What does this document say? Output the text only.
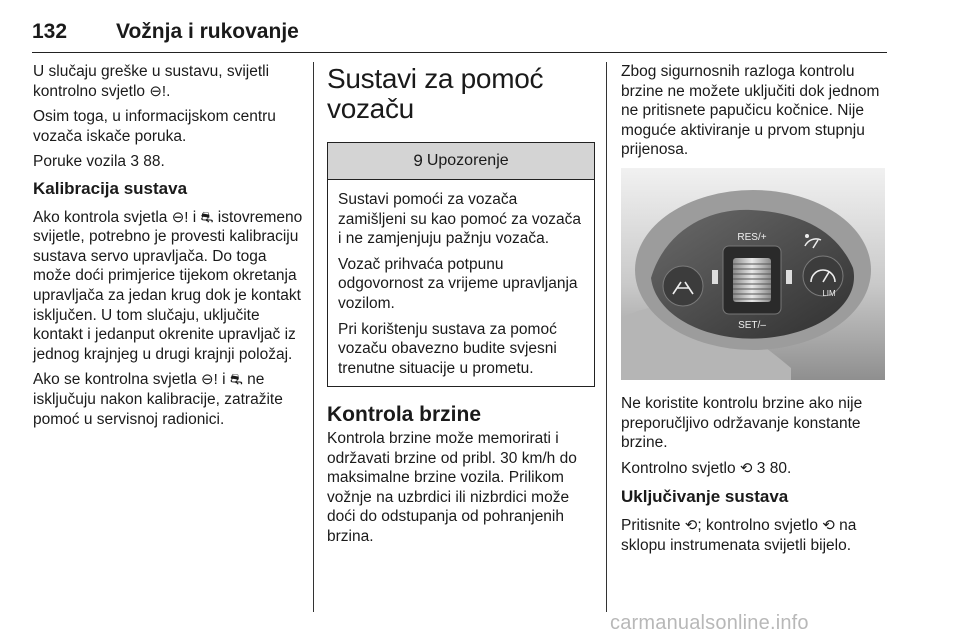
132 Vožnja i rukovanje

U slučaju greške u sustavu, svijetli kontrolno svjetlo ⊖!.

Osim toga, u informacijskom centru vozača iskače poruka.

Poruke vozila 3 88.

Kalibracija sustava

Ako kontrola svjetla ⊖! i ⛐ istovremeno svijetle, potrebno je provesti kalibraciju sustava servo upravljača. Do toga može doći primjerice tijekom okretanja upravljača za jedan krug dok je kontakt isključen. U tom slučaju, uključite kontakt i jedanput okrenite upravljač iz jednog krajnjeg u drugi krajnji položaj.

Ako se kontrolna svjetla ⊖! i ⛐ ne isključuju nakon kalibracije, zatražite pomoć u servisnoj radionici.

Sustavi za pomoć vozaču
9 Upozorenje

Sustavi pomoći za vozača zamišljeni su kao pomoć za vozača i ne zamjenjuju pažnju vozača.

Vozač prihvaća potpunu odgovornost za vrijeme upravljanja vozilom.

Pri korištenju sustava za pomoć vozaču obavezno budite svjesni trenutne situacije u prometu.

Kontrola brzine

Kontrola brzine može memorirati i održavati brzine od pribl. 30 km/h do maksimalne brzine vozila. Prilikom vožnje na uzbrdici ili nizbrdici može doći do odstupanja od pohranjenih brzina.

Zbog sigurnosnih razloga kontrolu brzine ne možete uključiti dok jednom ne pritisnete papučicu kočnice. Nije moguće aktiviranje u prvom stupnju prijenosa.

RES/+
SET/–
LIM

Ne koristite kontrolu brzine ako nije preporučljivo održavanje konstante brzine.

Kontrolno svjetlo ⟲ 3 80.

Uključivanje sustava

Pritisnite ⟲; kontrolno svjetlo ⟲ na sklopu instrumenata svijetli bijelo.

carmanualsonline.info
